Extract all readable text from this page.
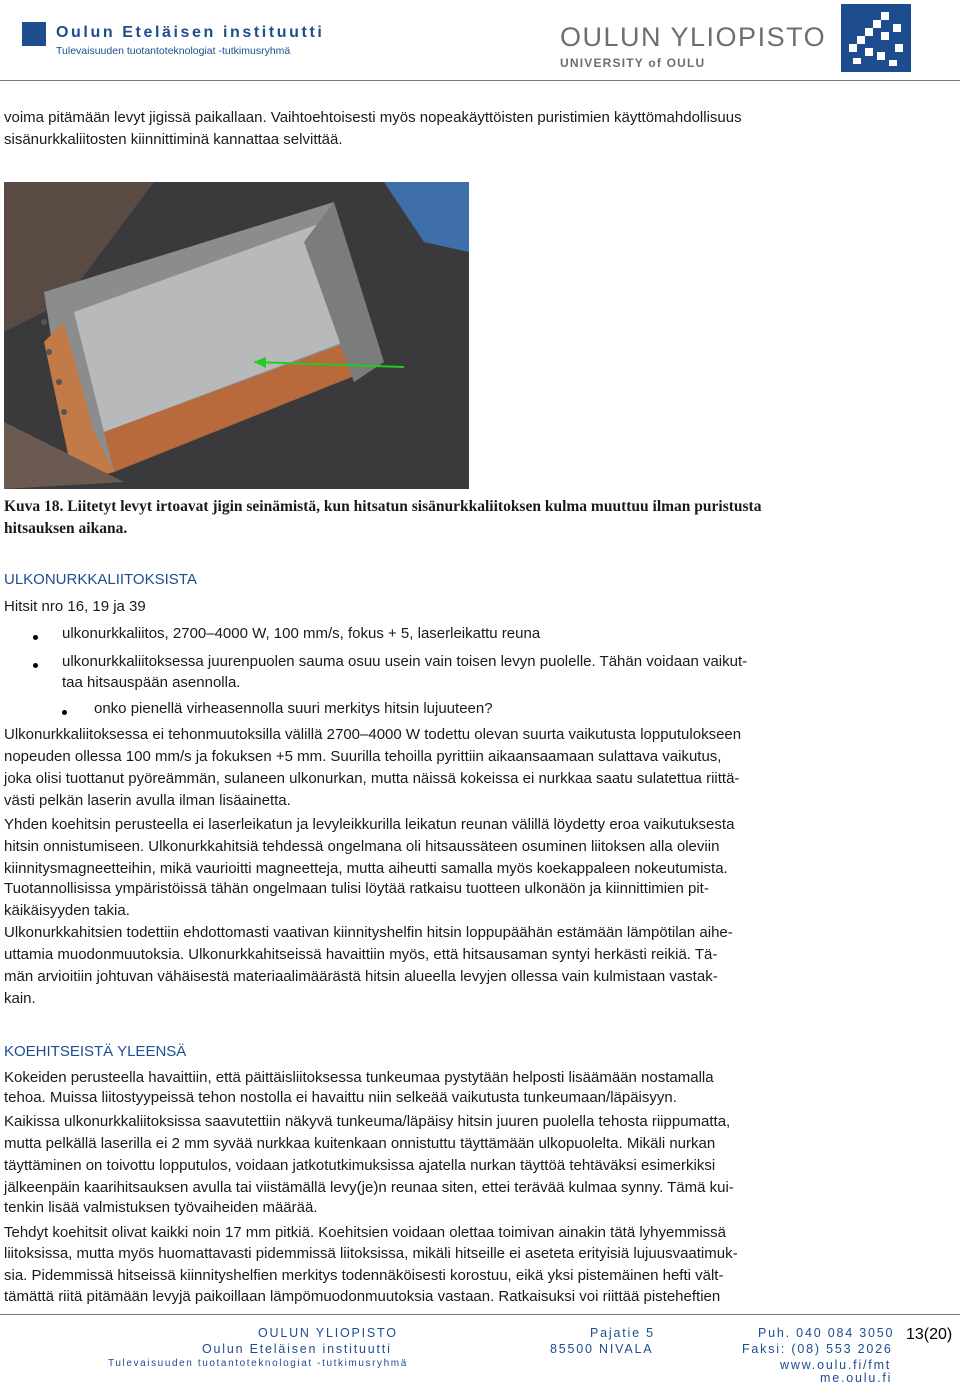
Oulun Eteläisen instituutti
Tulevaisuuden tuotantoteknologiat -tutkimusryhmä	OULUN YLIOPISTO
UNIVERSITY of OULU
voima pitämään levyt jigissä paikallaan. Vaihtoehtoisesti myös nopeakäyttöisten puristimien käyttömahdollisuus
sisänurkkaliitosten kiinnittiminä kannattaa selvittää.
Kuva 18. Liitetyt levyt irtoavat jigin seinämistä, kun hitsatun sisänurkkaliitoksen kulma muuttuu ilman puristusta
hitsauksen aikana.
ULKONURKKALIITOKSISTA
Hitsit nro 16, 19 ja 39
ulkonurkkaliitos, 2700–4000 W, 100 mm/s, fokus + 5, laserleikattu reuna
ulkonurkkaliitoksessa juurenpuolen sauma osuu usein vain toisen levyn puolelle. Tähän voidaan vaikut-
taa hitsauspään asennolla.
onko pienellä virheasennolla suuri merkitys hitsin lujuuteen?
Ulkonurkkaliitoksessa ei tehonmuutoksilla välillä 2700–4000 W todettu olevan suurta vaikutusta lopputulokseen
nopeuden ollessa 100 mm/s ja fokuksen +5 mm. Suurilla tehoilla pyrittiin aikaansaamaan sulattava vaikutus,
joka olisi tuottanut pyöreämmän, sulaneen ulkonurkan, mutta näissä kokeissa ei nurkkaa saatu sulatettua riittä-
västi pelkän laserin avulla ilman lisäainetta.
Yhden koehitsin perusteella ei laserleikatun ja levyleikkurilla leikatun reunan välillä löydetty eroa vaikutuksesta
hitsin onnistumiseen. Ulkonurkkahitsiä tehdessä ongelmana oli hitsaussäteen osuminen liitoksen alla oleviin
kiinnitysmagneetteihin, mikä vaurioitti magneetteja, mutta aiheutti samalla myös koekappaleen nokeutumista.
Tuotannollisissa ympäristöissä tähän ongelmaan tulisi löytää ratkaisu tuotteen ulkonäön ja kiinnittimien pit-
käikäisyyden takia.
Ulkonurkkahitsien todettiin ehdottomasti vaativan kiinnityshelfin hitsin loppupäähän estämään lämpötilan aihe-
uttamia muodonmuutoksia. Ulkonurkkahitseissä havaittiin myös, että hitsausaman syntyi herkästi reikiä. Tä-
män arvioitiin johtuvan vähäisestä materiaalimäärästä hitsin alueella levyjen ollessa vain kulmistaan vastak-
kain.
KOEHITSEISTÄ YLEENSÄ
Kokeiden perusteella havaittiin, että päittäisliitoksessa tunkeumaa pystytään helposti lisäämään nostamalla
tehoa. Muissa liitostyypeissä tehon nostolla ei havaittu niin selkeää vaikutusta tunkeumaan/läpäisyyn.
Kaikissa ulkonurkkaliitoksissa saavutettiin näkyvä tunkeuma/läpäisy hitsin juuren puolella tehosta riippumatta,
mutta pelkällä laserilla ei 2 mm syvää nurkkaa kuitenkaan onnistuttu täyttämään ulkopuolelta. Mikäli nurkan
täyttäminen on toivottu lopputulos, voidaan jatkotutkimuksissa ajatella nurkan täyttöä tehtäväksi esimerkiksi
jälkeenpäin kaarihitsauksen avulla tai viistämällä levy(je)n reunaa siten, ettei terävää kulmaa synny. Tämä kui-
tenkin lisää valmistuksen työvaiheiden määrää.
Tehdyt koehitsit olivat kaikki noin 17 mm pitkiä. Koehitsien voidaan olettaa toimivan ainakin tätä lyhyemmissä
liitoksissa, mutta myös huomattavasti pidemmissä liitoksissa, mikäli hitseille ei aseteta erityisiä lujuusvaatimuk-
sia. Pidemmissä hitseissä kiinnityshelfien merkitys todennäköisesti korostuu, eikä yksi pistemäinen hefti vält-
tämättä riitä pitämään levyjä paikoillaan lämpömuodonmuutoksia vastaan. Ratkaisuksi voi riittää pisteheftien
OULUN YLIOPISTO
Oulun Eteläisen instituutti
Tulevaisuuden tuotantoteknologiat -tutkimusryhmä
Pajatie 5
85500 NIVALA
Puh. 040 084 3050
Faksi: (08) 553 2026
www.oulu.fi/fmt
me.oulu.fi
13(20)
